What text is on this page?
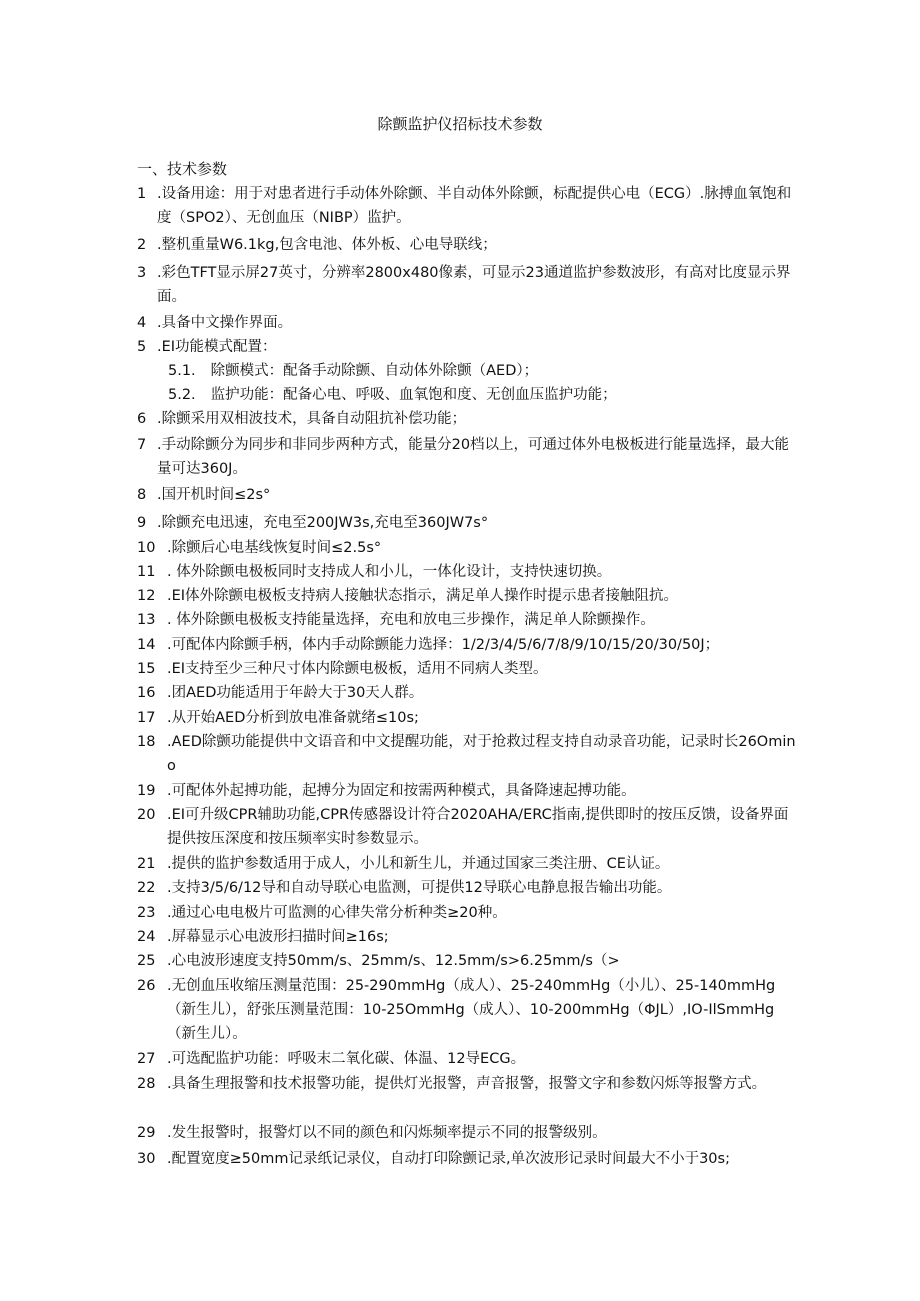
除颤监护仪招标技术参数
一、技术参数
1 .设备用途：用于对患者进行手动体外除颤、半自动体外除颤，标配提供心电（ECG）.脉搏血氧饱和度（SPO2）、无创血压（NIBP）监护。
2 .整机重量W6.1kg,包含电池、体外板、心电导联线；
3 .彩色TFT显示屏27英寸，分辨率2800x480像素，可显示23通道监护参数波形，有高对比度显示界面。
4 .具备中文操作界面。
5 .EI功能模式配置：
5.1. 除颤模式：配备手动除颤、自动体外除颤（AED）；
5.2. 监护功能：配备心电、呼吸、血氧饱和度、无创血压监护功能；
6 .除颤采用双相波技术，具备自动阻抗补偿功能；
7 .手动除颤分为同步和非同步两种方式，能量分20档以上，可通过体外电极板进行能量选择，最大能量可达360J。
8 .国开机时间≤2s°
9 .除颤充电迅速，充电至200JW3s,充电至360JW7s°
10 .除颤后心电基线恢复时间≤2.5s°
11 . 体外除颤电极板同时支持成人和小儿，一体化设计，支持快速切换。
12 .EI体外除颤电极板支持病人接触状态指示，满足单人操作时提示患者接触阻抗。
13 . 体外除颤电极板支持能量选择，充电和放电三步操作，满足单人除颤操作。
14 .可配体内除颤手柄，体内手动除颤能力选择：1/2/3/4/5/6/7/8/9/10/15/20/30/50J；
15 .EI支持至少三种尺寸体内除颤电极板，适用不同病人类型。
16 .团AED功能适用于年龄大于30天人群。
17 .从开始AED分析到放电准备就绪≤10s;
18 .AED除颤功能提供中文语音和中文提醒功能，对于抢救过程支持自动录音功能，记录时长26Omino
19 .可配体外起搏功能，起搏分为固定和按需两种模式，具备降速起搏功能。
20 .EI可升级CPR辅助功能,CPR传感器设计符合2020AHA/ERC指南,提供即时的按压反馈，设备界面提供按压深度和按压频率实时参数显示。
21 .提供的监护参数适用于成人，小儿和新生儿，并通过国家三类注册、CE认证。
22 .支持3/5/6/12导和自动导联心电监测，可提供12导联心电静息报告输出功能。
23 .通过心电电极片可监测的心律失常分析种类≥20种。
24 .屏幕显示心电波形扫描时间≥16s;
25 .心电波形速度支持50mm/s、25mm/s、12.5mm∕s>6.25mm∕s（>
26 .无创血压收缩压测量范围：25-290mmHg（成人）、25-240mmHg（小儿）、25-140mmHg（新生儿），舒张压测量范围：10-25OmmHg（成人）、10-200mmHg（ΦJL）,IO-IlSmmHg（新生儿）。
27 .可选配监护功能：呼吸末二氧化碳、体温、12导ECG。
28 .具备生理报警和技术报警功能，提供灯光报警，声音报警，报警文字和参数闪烁等报警方式。
29 .发生报警时，报警灯以不同的颜色和闪烁频率提示不同的报警级别。
30 .配置宽度≥50mm记录纸记录仪，自动打印除颤记录,单次波形记录时间最大不小于30s;
